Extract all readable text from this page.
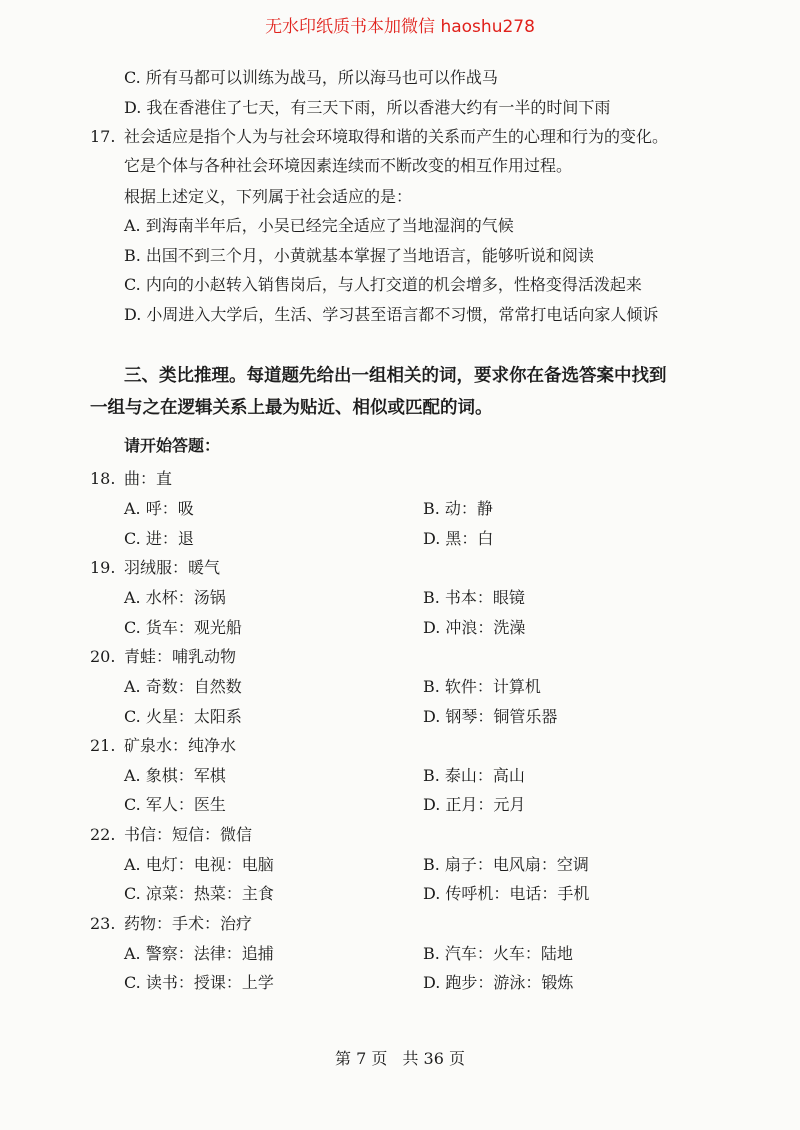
无水印纸质书本加微信 haoshu278
C. 所有马都可以训练为战马，所以海马也可以作战马
D. 我在香港住了七天，有三天下雨，所以香港大约有一半的时间下雨
17. 社会适应是指个人为与社会环境取得和谐的关系而产生的心理和行为的变化。
它是个体与各种社会环境因素连续而不断改变的相互作用过程。
根据上述定义，下列属于社会适应的是：
A. 到海南半年后，小吴已经完全适应了当地湿润的气候
B. 出国不到三个月，小黄就基本掌握了当地语言，能够听说和阅读
C. 内向的小赵转入销售岗后，与人打交道的机会增多，性格变得活泼起来
D. 小周进入大学后，生活、学习甚至语言都不习惯，常常打电话向家人倾诉
三、类比推理。每道题先给出一组相关的词，要求你在备选答案中找到
一组与之在逻辑关系上最为贴近、相似或匹配的词。
请开始答题：
18. 曲：直
A. 呼：吸	B. 动：静
C. 进：退	D. 黑：白
19. 羽绒服：暖气
A. 水杯：汤锅	B. 书本：眼镜
C. 货车：观光船	D. 冲浪：洗澡
20. 青蛙：哺乳动物
A. 奇数：自然数	B. 软件：计算机
C. 火星：太阳系	D. 钢琴：铜管乐器
21. 矿泉水：纯净水
A. 象棋：军棋	B. 泰山：高山
C. 军人：医生	D. 正月：元月
22. 书信：短信：微信
A. 电灯：电视：电脑	B. 扇子：电风扇：空调
C. 凉菜：热菜：主食	D. 传呼机：电话：手机
23. 药物：手术：治疗
A. 警察：法律：追捕	B. 汽车：火车：陆地
C. 读书：授课：上学	D. 跑步：游泳：锻炼
第 7 页 共 36 页
